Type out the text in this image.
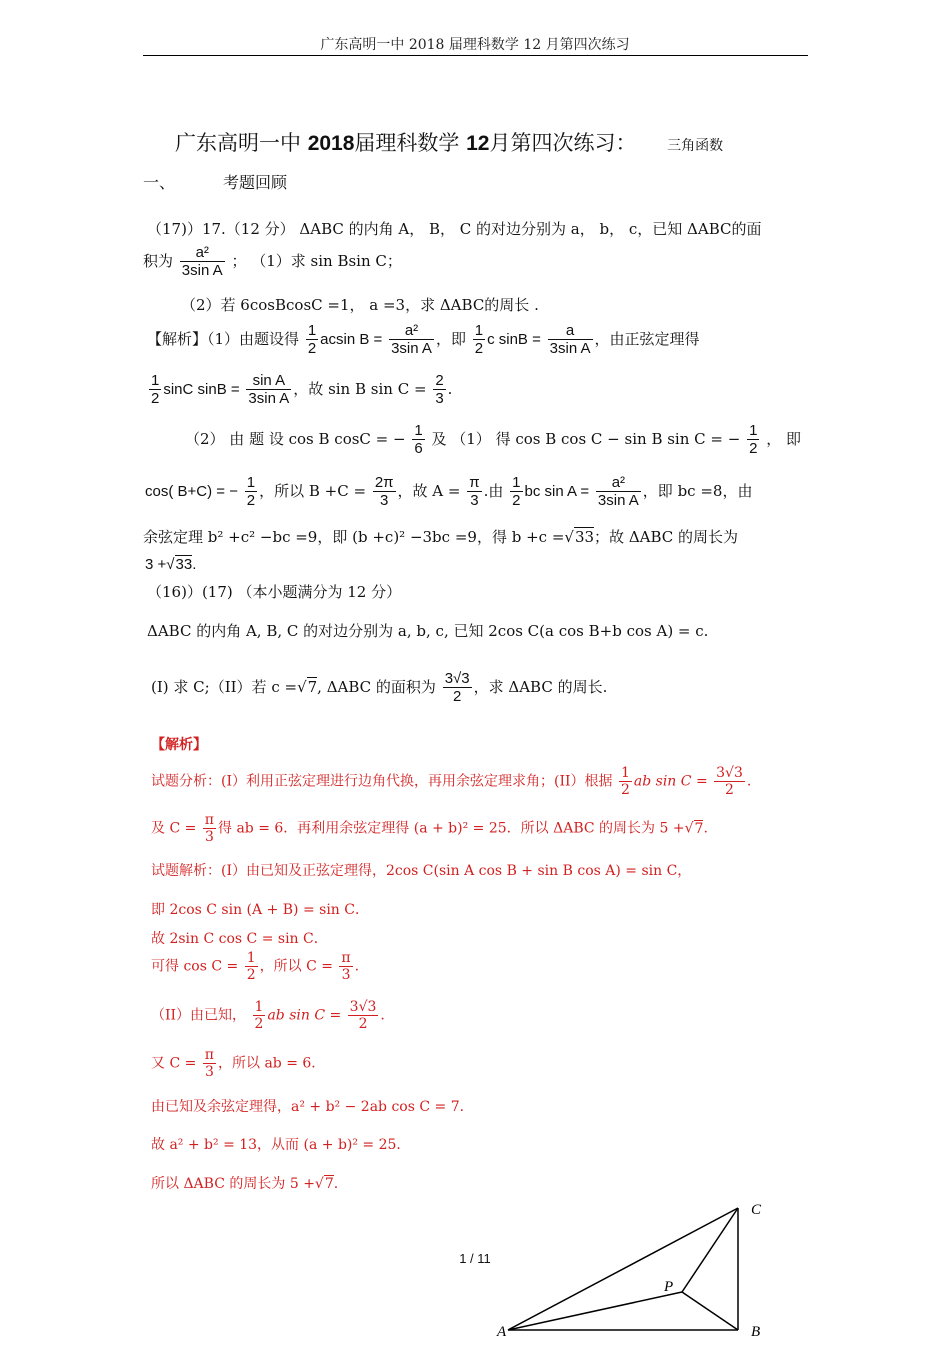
广东高明一中 2018 届理科数学 12 月第四次练习
广东高明一中 2018届理科数学 12月第四次练习： 三角函数
一、	考题回顾
（17)）17.（12 分） ΔABC 的内角 A， B， C 的对边分别为 a， b， c，已知 ΔABC的面
积为 $\frac{\text{a²}}{\text{3sin A}}$ ； （1）求 sin Bsin C；
（2）若 6cosBcosC =1， a =3，求 ΔABC的周长 .
【解析】（1）由题设得 $\frac{1}{2}$ acsin $B = \frac{\text{a²}}{\text{3sin A}}$ ，即 $\frac{1}{2}$ c $\sin B = \frac{a}{\text{3sin A}}$ ，由正弦定理得
$\frac{1}{2}$ sinC $\sin B = \frac{\text{sin A}}{\text{3sin A}}$ ，故 sin B $\sin C = \frac{2}{3}$ .
（2） 由 题 设 cos B cosC = − $\frac{1}{6}$ 及 （1） 得 cos B cos C − sin B sin C = − $\frac{1}{2}$ ， 即
cos( B+C) = − $\frac{1}{2}$ ，所以 $B +C = \frac{2\pi}{3}$ ，故 $A = \frac{\pi}{3}$ .由 $\frac{1}{2}$ bc $\sin A = \frac{\text{a²}}{\text{3sin A}}$ ，即 bc =8，由
余弦定理 b² +c² −bc =9，即 (b +c)² −3bc =9，得 b +c =√33；故 ΔABC 的周长为
3 +√33.
（16)）(17) （本小题满分为 12 分）
ΔABC 的内角 A, B, C 的对边分别为 a, b, c, 已知 2cos C(a cos B+b cos A) = c.
(I) 求 C;（II）若 c =√7, ΔABC 的面积为 $\frac{3√3}{2}$ ，求 ΔABC 的周长.
【解析】
试题分析：(I）利用正弦定理进行边角代换，再用余弦定理求角；(II）根据 $\frac{1}{2}$ ab $\sin C = \frac{3√3}{2}$ .
及 $C = \frac{\pi}{3}$ 得 ab = 6．再利用余弦定理得 (a + b)² = 25．所以 ΔABC 的周长为 5 +√7.
试题解析：(I）由已知及正弦定理得，2cos C(sin A cos B + sin B cos A) = sin C，
即 2cos C sin (A + B) = sin C．
故 2sin C cos C = sin C．
可得 $\cos C = \frac{1}{2}$ ，所以 $C = \frac{\pi}{3}$ .
（II）由已知， $\frac{1}{2}$ ab $\sin C = \frac{3√3}{2}$ .
又 $C = \frac{\pi}{3}$ ，所以 ab = 6．
由已知及余弦定理得，a² + b² − 2ab cos C = 7．
故 a² + b² = 13，从而 (a + b)² = 25．
所以 ΔABC 的周长为 5 +√7.
1 / 11
A	B
C
P
